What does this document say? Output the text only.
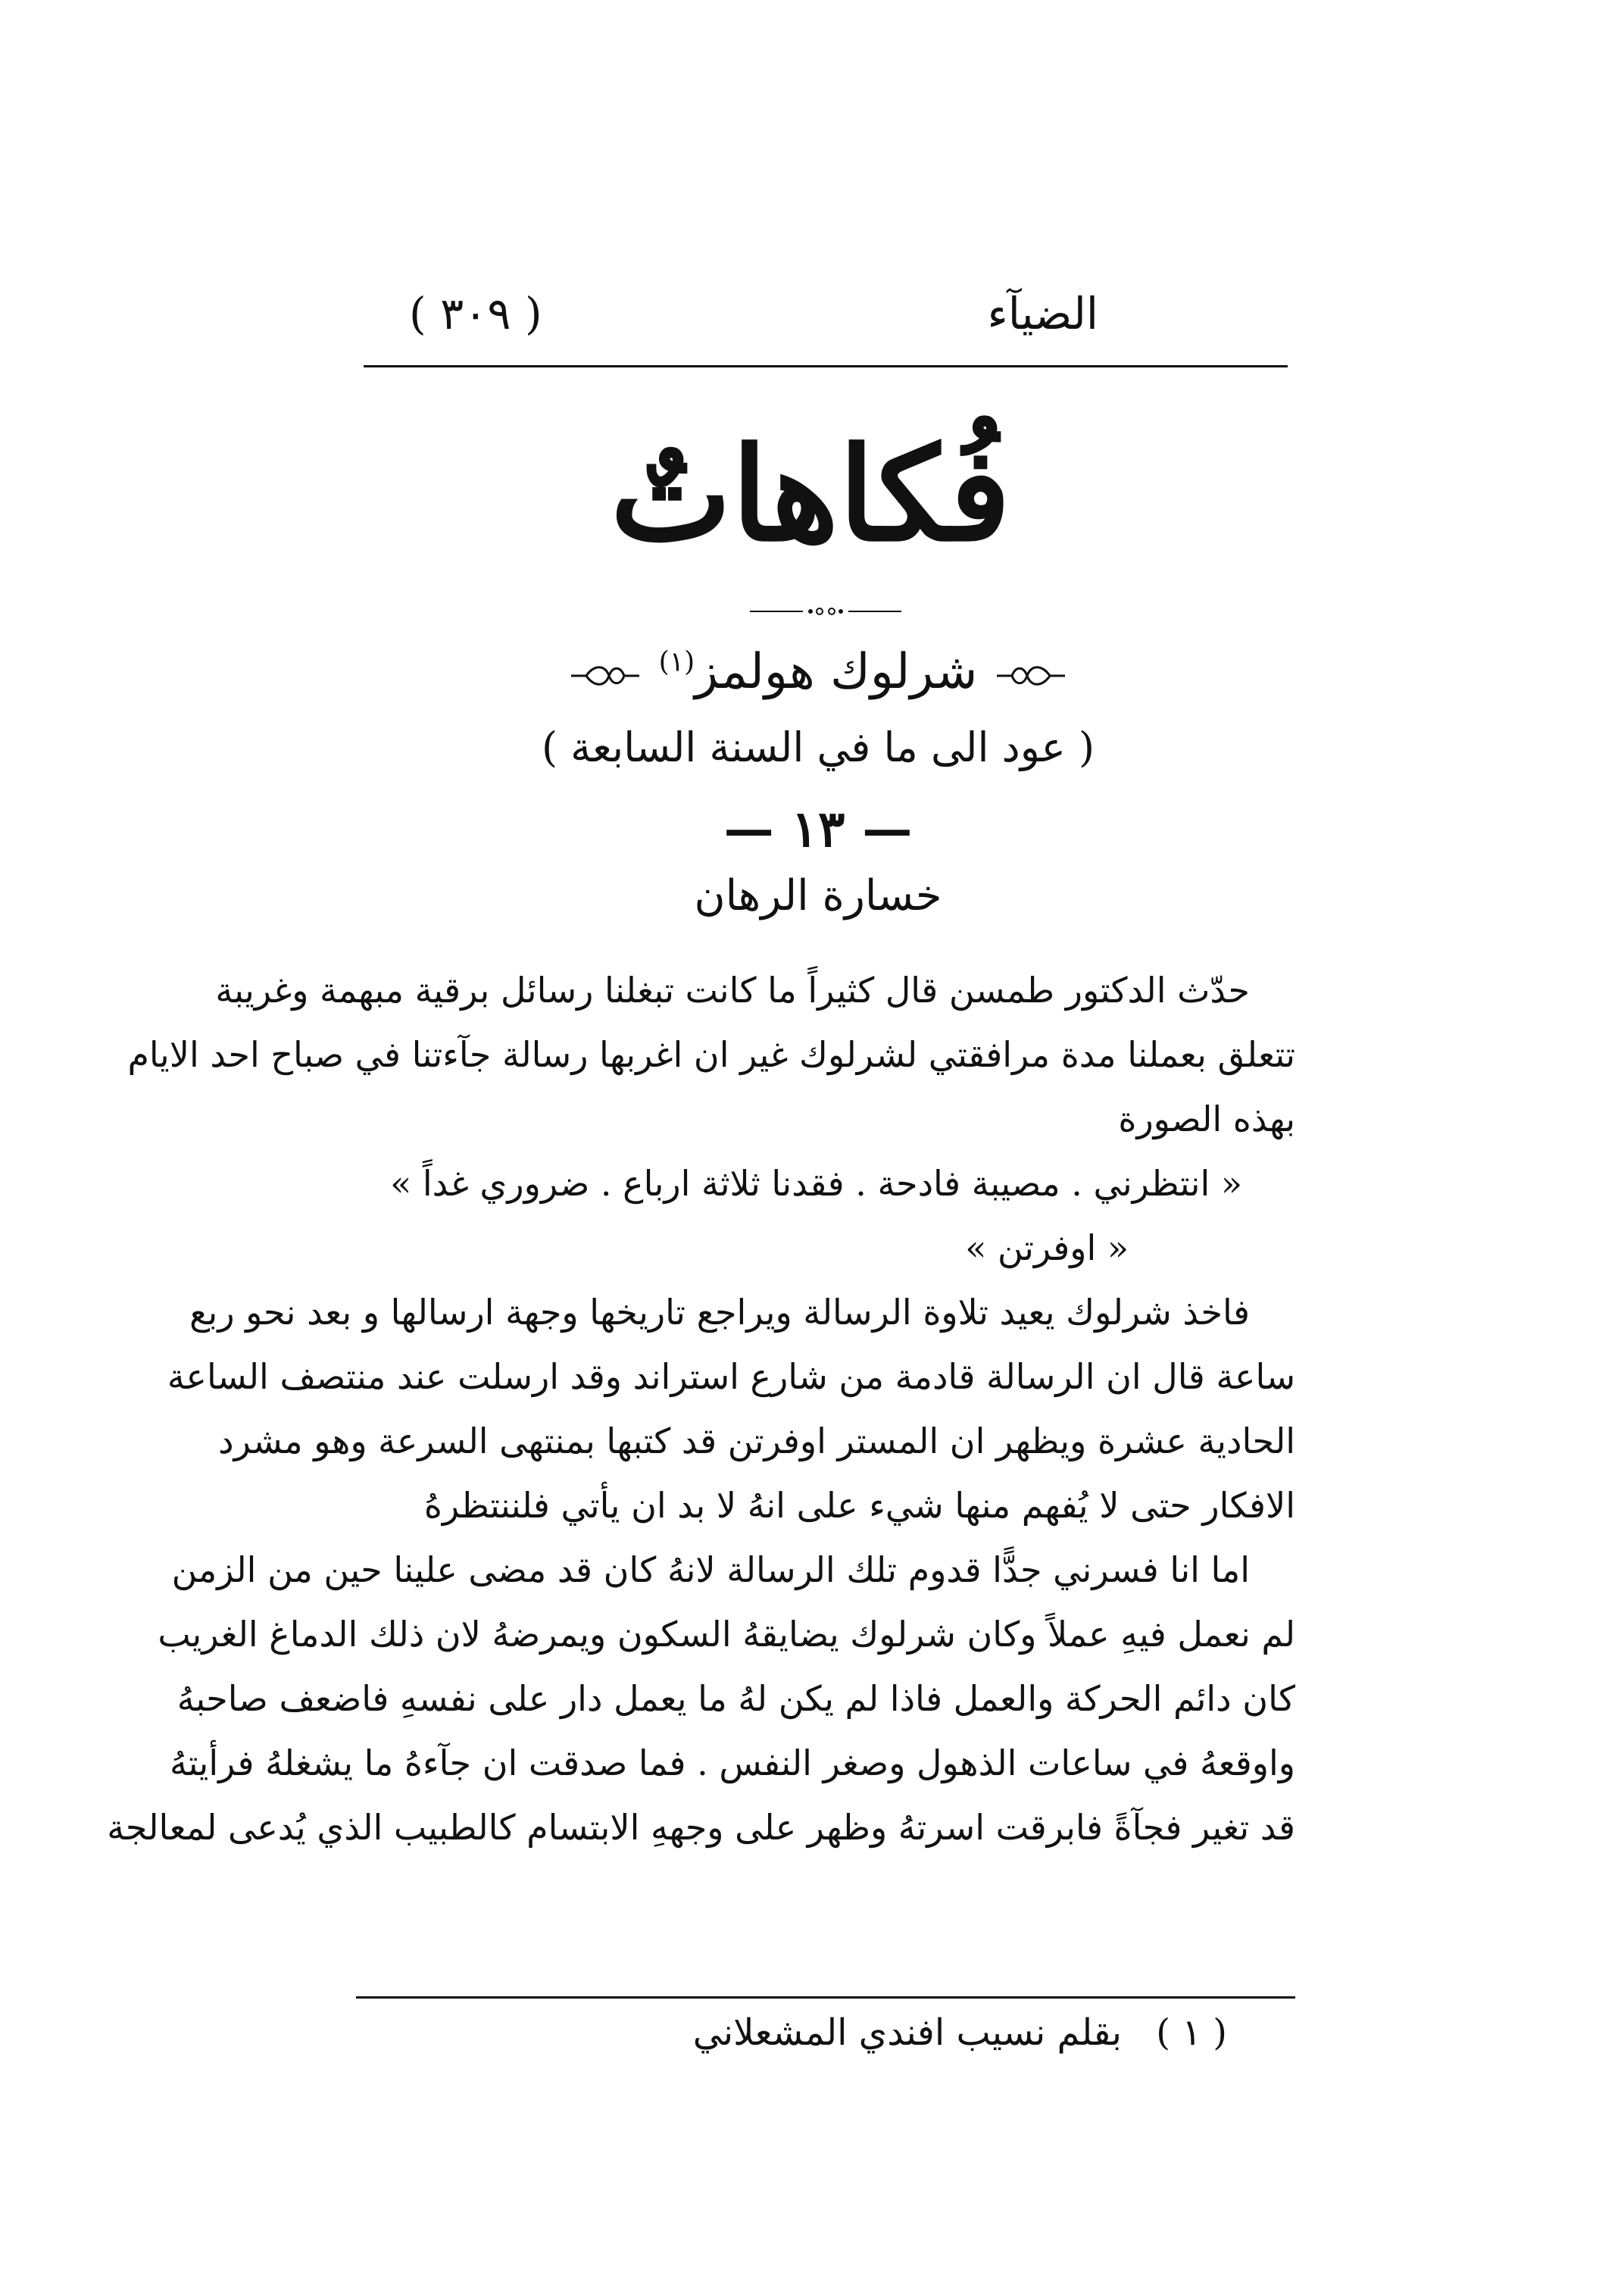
الضيآء
( ٣٠٩ )
فُكاهاتٌ
شرلوك هولمز$^{(١)}$
( عود الى ما في السنة السابعة )
— ١٣ —
خسارة الرهان
حدّث الدكتور طمسن قال كثيراً ما كانت تبغلنا رسائل برقية مبهمة وغريبة
تتعلق بعملنا مدة مرافقتي لشرلوك غير ان اغربها رسالة جآءتنا في صباح احد الايام
بهذه الصورة
« انتظرني . مصيبة فادحة . فقدنا ثلاثة ارباع . ضروري غداً »
« اوفرتن »
فاخذ شرلوك يعيد تلاوة الرسالة ويراجع تاريخها وجهة ارسالها و بعد نحو ربع
ساعة قال ان الرسالة قادمة من شارع استراند وقد ارسلت عند منتصف الساعة
الحادية عشرة ويظهر ان المستر اوفرتن قد كتبها بمنتهى السرعة وهو مشرد
الافكار حتى لا يُفهم منها شيء على انهُ لا بد ان يأتي فلننتظرهُ
اما انا فسرني جدًّا قدوم تلك الرسالة لانهُ كان قد مضى علينا حين من الزمن
لم نعمل فيهِ عملاً وكان شرلوك يضايقهُ السكون ويمرضهُ لان ذلك الدماغ الغريب
كان دائم الحركة والعمل فاذا لم يكن لهُ ما يعمل دار على نفسهِ فاضعف صاحبهُ
واوقعهُ في ساعات الذهول وصغر النفس . فما صدقت ان جآءهُ ما يشغلهُ فرأيتهُ
قد تغير فجآةً فابرقت اسرتهُ وظهر على وجههِ الابتسام كالطبيب الذي يُدعى لمعالجة
( ١ ) بقلم نسيب افندي المشعلاني
